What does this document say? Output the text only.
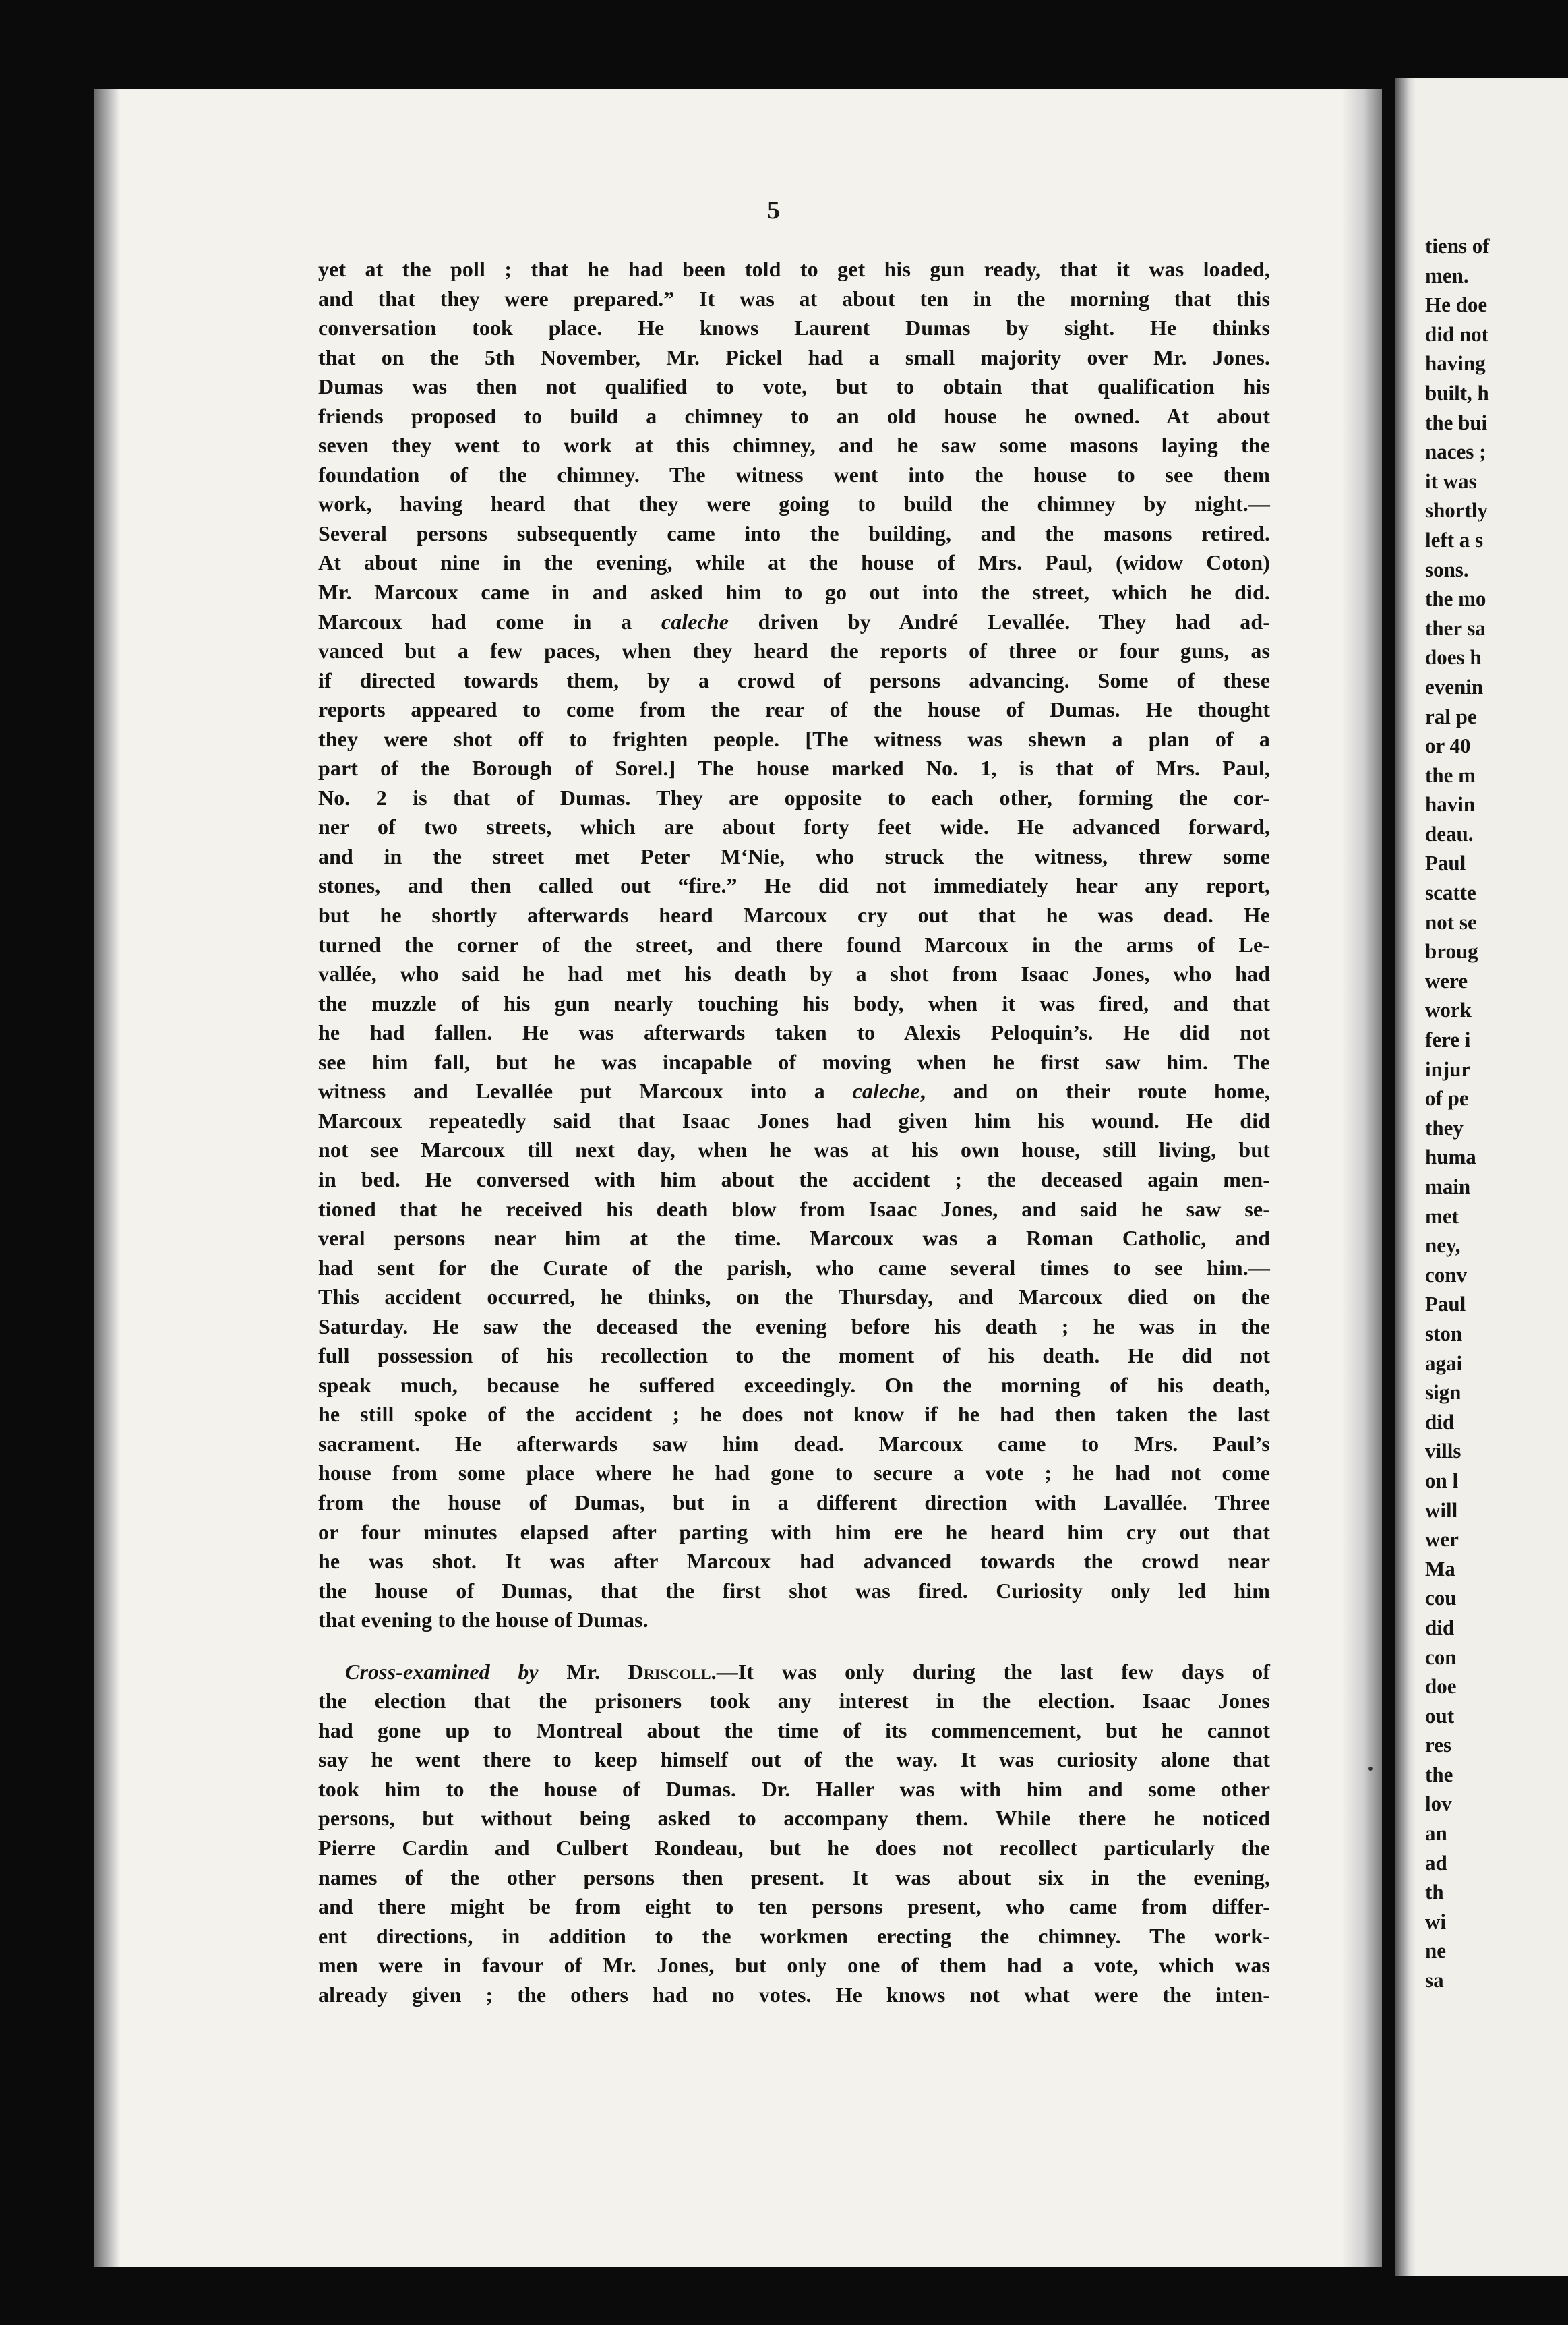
tiens of
men.
He doe
did not
having
built, h
the bui
naces ;
it was
shortly
left a s
sons.
the mo
ther sa
does h
evenin
ral pe
or 40
the m
havin
deau.
Paul
scatte
not se
broug
were
work
fere i
injur
of pe
they
huma
main
met
ney,
conv
Paul
ston
agai
sign
did
vills
on l
will
wer
Ma
cou
did
con
doe
out
res
the
lov
an
ad
th
wi
ne
sa
5
yet at the poll ; that he had been told to get his gun ready, that it was loaded,
and that they were prepared.” It was at about ten in the morning that this
conversation took place. He knows Laurent Dumas by sight. He thinks
that on the 5th November, Mr. Pickel had a small majority over Mr. Jones.
Dumas was then not qualified to vote, but to obtain that qualification his
friends proposed to build a chimney to an old house he owned. At about
seven they went to work at this chimney, and he saw some masons laying the
foundation of the chimney. The witness went into the house to see them
work, having heard that they were going to build the chimney by night.—
Several persons subsequently came into the building, and the masons retired.
At about nine in the evening, while at the house of Mrs. Paul, (widow Coton)
Mr. Marcoux came in and asked him to go out into the street, which he did.
Marcoux had come in a caleche driven by André Levallée. They had ad-
vanced but a few paces, when they heard the reports of three or four guns, as
if directed towards them, by a crowd of persons advancing. Some of these
reports appeared to come from the rear of the house of Dumas. He thought
they were shot off to frighten people. [The witness was shewn a plan of a
part of the Borough of Sorel.] The house marked No. 1, is that of Mrs. Paul,
No. 2 is that of Dumas. They are opposite to each other, forming the cor-
ner of two streets, which are about forty feet wide. He advanced forward,
and in the street met Peter M‘Nie, who struck the witness, threw some
stones, and then called out “fire.” He did not immediately hear any report,
but he shortly afterwards heard Marcoux cry out that he was dead. He
turned the corner of the street, and there found Marcoux in the arms of Le-
vallée, who said he had met his death by a shot from Isaac Jones, who had
the muzzle of his gun nearly touching his body, when it was fired, and that
he had fallen. He was afterwards taken to Alexis Peloquin’s. He did not
see him fall, but he was incapable of moving when he first saw him. The
witness and Levallée put Marcoux into a caleche, and on their route home,
Marcoux repeatedly said that Isaac Jones had given him his wound. He did
not see Marcoux till next day, when he was at his own house, still living, but
in bed. He conversed with him about the accident ; the deceased again men-
tioned that he received his death blow from Isaac Jones, and said he saw se-
veral persons near him at the time. Marcoux was a Roman Catholic, and
had sent for the Curate of the parish, who came several times to see him.—
This accident occurred, he thinks, on the Thursday, and Marcoux died on the
Saturday. He saw the deceased the evening before his death ; he was in the
full possession of his recollection to the moment of his death. He did not
speak much, because he suffered exceedingly. On the morning of his death,
he still spoke of the accident ; he does not know if he had then taken the last
sacrament. He afterwards saw him dead. Marcoux came to Mrs. Paul’s
house from some place where he had gone to secure a vote ; he had not come
from the house of Dumas, but in a different direction with Lavallée. Three
or four minutes elapsed after parting with him ere he heard him cry out that
he was shot. It was after Marcoux had advanced towards the crowd near
the house of Dumas, that the first shot was fired. Curiosity only led him
that evening to the house of Dumas.
Cross-examined by Mr. Driscoll.—It was only during the last few days of
the election that the prisoners took any interest in the election. Isaac Jones
had gone up to Montreal about the time of its commencement, but he cannot
say he went there to keep himself out of the way. It was curiosity alone that
took him to the house of Dumas. Dr. Haller was with him and some other
persons, but without being asked to accompany them. While there he noticed
Pierre Cardin and Culbert Rondeau, but he does not recollect particularly the
names of the other persons then present. It was about six in the evening,
and there might be from eight to ten persons present, who came from differ-
ent directions, in addition to the workmen erecting the chimney. The work-
men were in favour of Mr. Jones, but only one of them had a vote, which was
already given ; the others had no votes. He knows not what were the inten-
